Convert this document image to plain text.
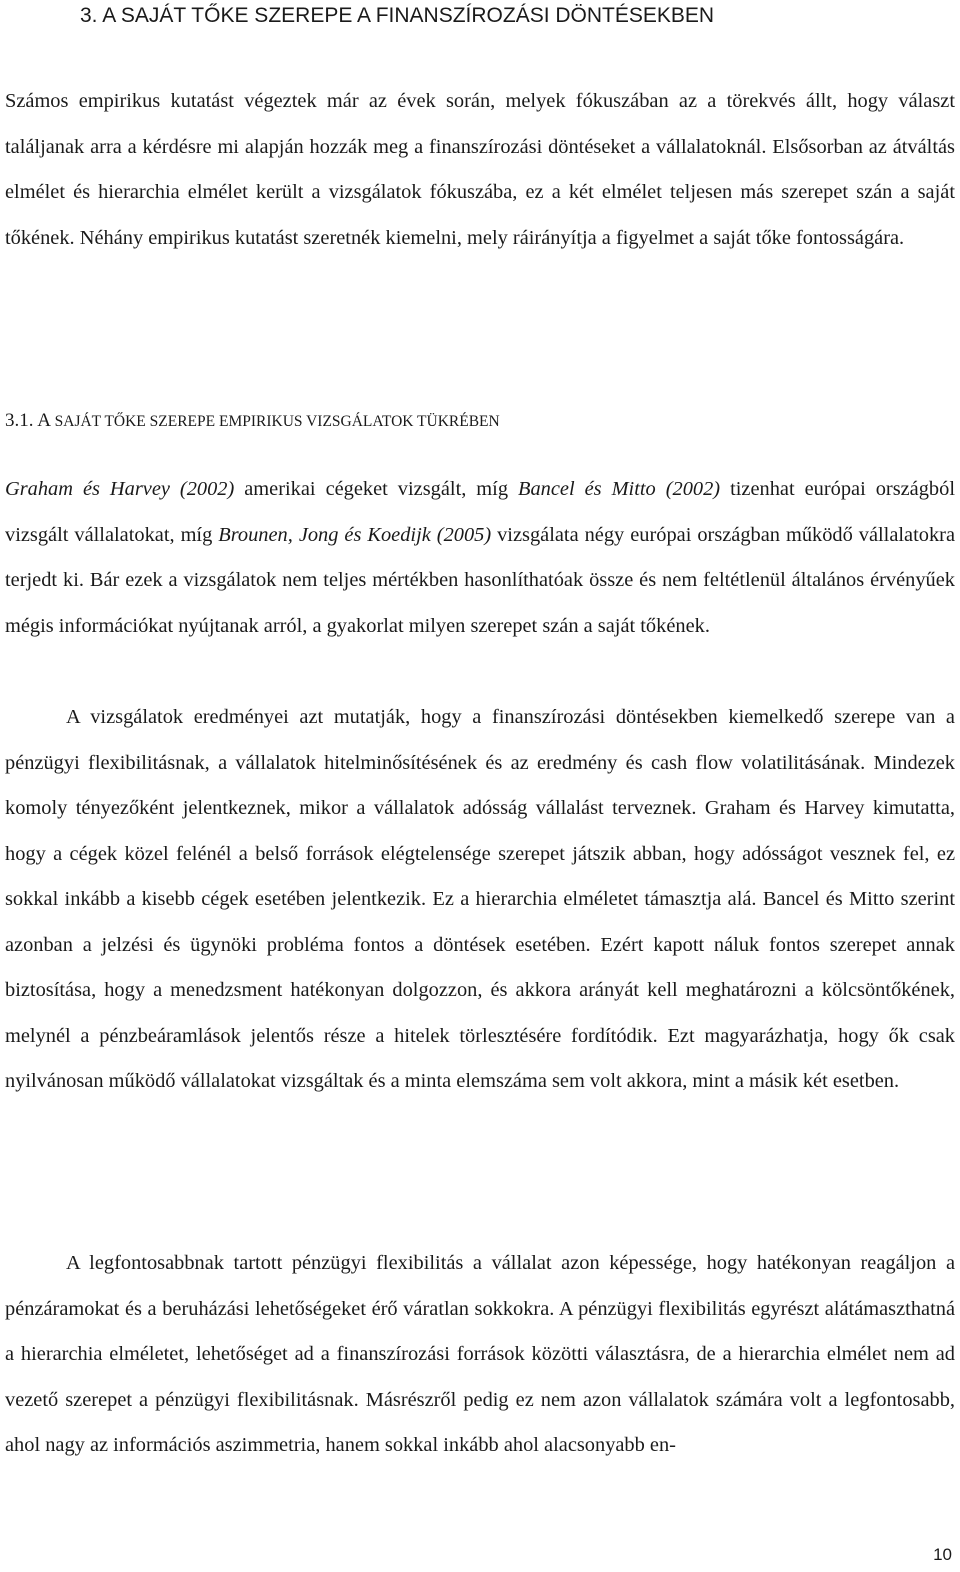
3. A SAJÁT TŐKE SZEREPE A FINANSZÍROZÁSI DÖNTÉSEKBEN

Számos empirikus kutatást végeztek már az évek során, melyek fókuszában az a törekvés állt, hogy választ találjanak arra a kérdésre mi alapján hozzák meg a finanszírozási döntéseket a vállalatoknál. Elsősorban az átváltás elmélet és hierarchia elmélet került a vizsgálatok fókuszába, ez a két elmélet teljesen más szerepet szán a saját tőkének. Néhány empirikus kutatást szeretnék kiemelni, mely ráirányítja a figyelmet a saját tőke fontosságára.

3.1. A SAJÁT TŐKE SZEREPE EMPIRIKUS VIZSGÁLATOK TÜKRÉBEN

Graham és Harvey (2002) amerikai cégeket vizsgált, míg Bancel és Mitto (2002) tizenhat európai országból vizsgált vállalatokat, míg Brounen, Jong és Koedijk (2005) vizsgálata négy európai országban működő vállalatokra terjedt ki. Bár ezek a vizsgálatok nem teljes mértékben hasonlíthatóak össze és nem feltétlenül általános érvényűek mégis információkat nyújtanak arról, a gyakorlat milyen szerepet szán a saját tőkének.

A vizsgálatok eredményei azt mutatják, hogy a finanszírozási döntésekben kiemelkedő szerepe van a pénzügyi flexibilitásnak, a vállalatok hitelminősítésének és az eredmény és cash flow volatilitásának. Mindezek komoly tényezőként jelentkeznek, mikor a vállalatok adósság vállalást terveznek. Graham és Harvey kimutatta, hogy a cégek közel felénél a belső források elégtelensége szerepet játszik abban, hogy adósságot vesznek fel, ez sokkal inkább a kisebb cégek esetében jelentkezik. Ez a hierarchia elméletet támasztja alá. Bancel és Mitto szerint azonban a jelzési és ügynöki probléma fontos a döntések esetében. Ezért kapott náluk fontos szerepet annak biztosítása, hogy a menedzsment hatékonyan dolgozzon, és akkora arányát kell meghatározni a kölcsöntőkének, melynél a pénzbeáramlások jelentős része a hitelek törlesztésére fordítódik. Ezt magyarázhatja, hogy ők csak nyilvánosan működő vállalatokat vizsgáltak és a minta elemszáma sem volt akkora, mint a másik két esetben.

A legfontosabbnak tartott pénzügyi flexibilitás a vállalat azon képessége, hogy hatékonyan reagáljon a pénzáramokat és a beruházási lehetőségeket érő váratlan sokkokra. A pénzügyi flexibilitás egyrészt alátámaszthatná a hierarchia elméletet, lehetőséget ad a finanszírozási források közötti választásra, de a hierarchia elmélet nem ad vezető szerepet a pénzügyi flexibilitásnak. Másrészről pedig ez nem azon vállalatok számára volt a legfontosabb, ahol nagy az információs aszimmetria, hanem sokkal inkább ahol alacsonyabb en-

10
